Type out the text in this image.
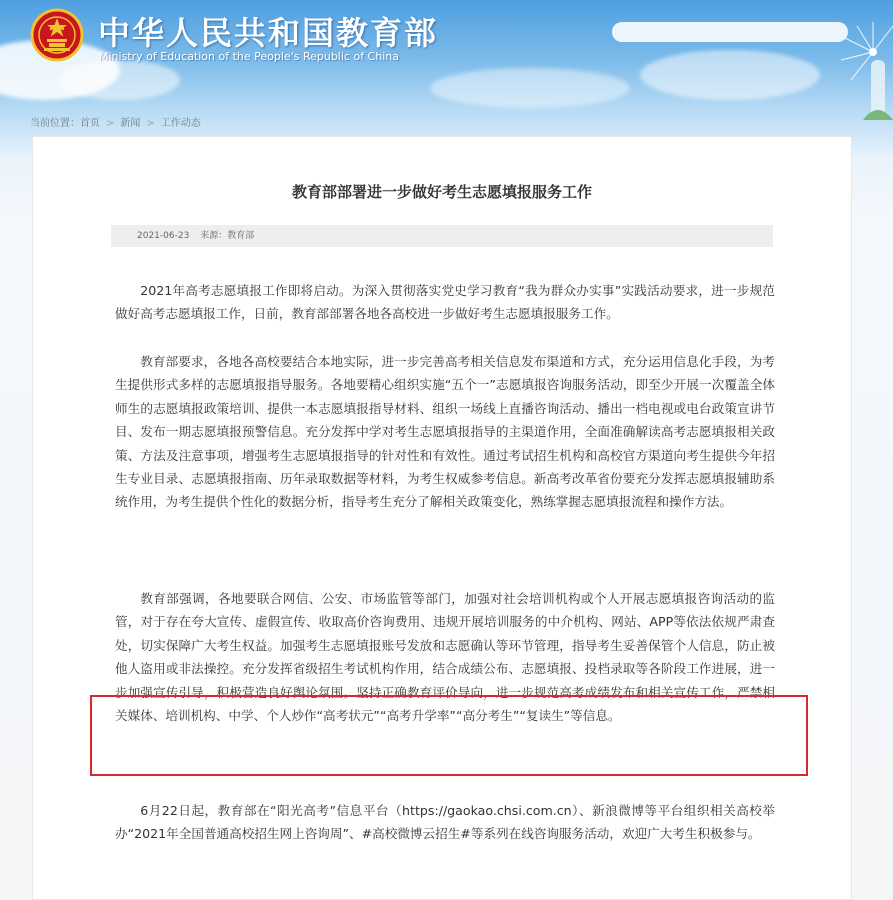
中华人民共和国教育部
Ministry of Education of the People's Republic of China
当前位置：首页 > 新闻 > 工作动态
教育部部署进一步做好考生志愿填报服务工作
2021-06-23 来源：教育部

2021年高考志愿填报工作即将启动。为深入贯彻落实党史学习教育“我为群众办实事”实践活动要求，进一步规范做好高考志愿填报工作，日前，教育部部署各地各高校进一步做好考生志愿填报服务工作。

教育部要求，各地各高校要结合本地实际，进一步完善高考相关信息发布渠道和方式，充分运用信息化手段，为考生提供形式多样的志愿填报指导服务。各地要精心组织实施“五个一”志愿填报咨询服务活动，即至少开展一次覆盖全体师生的志愿填报政策培训、提供一本志愿填报指导材料、组织一场线上直播咨询活动、播出一档电视或电台政策宣讲节目、发布一期志愿填报预警信息。充分发挥中学对考生志愿填报指导的主渠道作用，全面准确解读高考志愿填报相关政策、方法及注意事项，增强考生志愿填报指导的针对性和有效性。通过考试招生机构和高校官方渠道向考生提供今年招生专业目录、志愿填报指南、历年录取数据等材料，为考生权威参考信息。新高考改革省份要充分发挥志愿填报辅助系统作用，为考生提供个性化的数据分析，指导考生充分了解相关政策变化，熟练掌握志愿填报流程和操作方法。

教育部强调，各地要联合网信、公安、市场监管等部门，加强对社会培训机构或个人开展志愿填报咨询活动的监管，对于存在夸大宣传、虚假宣传、收取高价咨询费用、违规开展培训服务的中介机构、网站、APP等依法依规严肃查处，切实保障广大考生权益。加强考生志愿填报账号发放和志愿确认等环节管理，指导考生妥善保管个人信息，防止被他人盗用或非法操控。充分发挥省级招生考试机构作用，结合成绩公布、志愿填报、投档录取等各阶段工作进展，进一步加强宣传引导，积极营造良好舆论氛围。坚持正确教育评价导向，进一步规范高考成绩发布和相关宣传工作，严禁相关媒体、培训机构、中学、个人炒作“高考状元”“高考升学率”“高分考生”“复读生”等信息。

6月22日起，教育部在“阳光高考”信息平台（https://gaokao.chsi.com.cn）、新浪微博等平台组织相关高校举办“2021年全国普通高校招生网上咨询周”、#高校微博云招生#等系列在线咨询服务活动，欢迎广大考生积极参与。
